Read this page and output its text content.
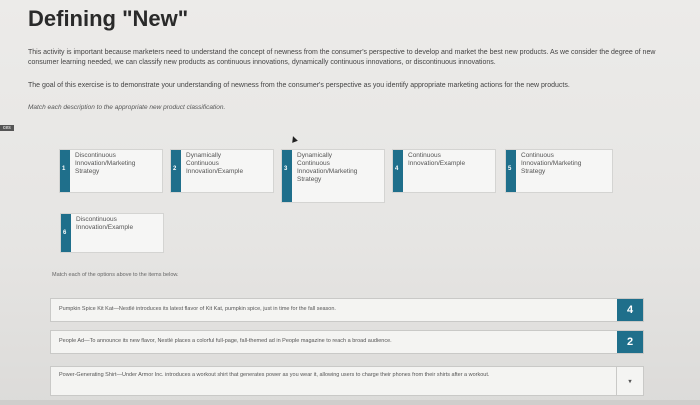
Defining "New"
This activity is important because marketers need to understand the concept of newness from the consumer's perspective to develop and market the best new products. As we consider the degree of new consumer learning needed, we can classify new products as continuous innovations, dynamically continuous innovations, or discontinuous innovations.
The goal of this exercise is to demonstrate your understanding of newness from the consumer's perspective as you identify appropriate marketing actions for the new products.
Match each description to the appropriate new product classification.
ces
1
Discontinuous
Innovation/Marketing
Strategy	2
Dynamically
Continuous
Innovation/Example	3
Dynamically
Continuous
Innovation/Marketing
Strategy
4
Continuous
Innovation/Example
5
Continuous
Innovation/Marketing
Strategy
6
Discontinuous
Innovation/Example
Match each of the options above to the items below.
Pumpkin Spice Kit Kat—Nestlé introduces its latest flavor of Kit Kat, pumpkin spice, just in time for the fall season.	4
People Ad—To announce its new flavor, Nestlé places a colorful full-page, fall-themed ad in People magazine to reach a broad audience.	2
Power-Generating Shirt—Under Armor Inc. introduces a workout shirt that generates power as you wear it, allowing users to charge their phones from their shirts after a workout.
▾
